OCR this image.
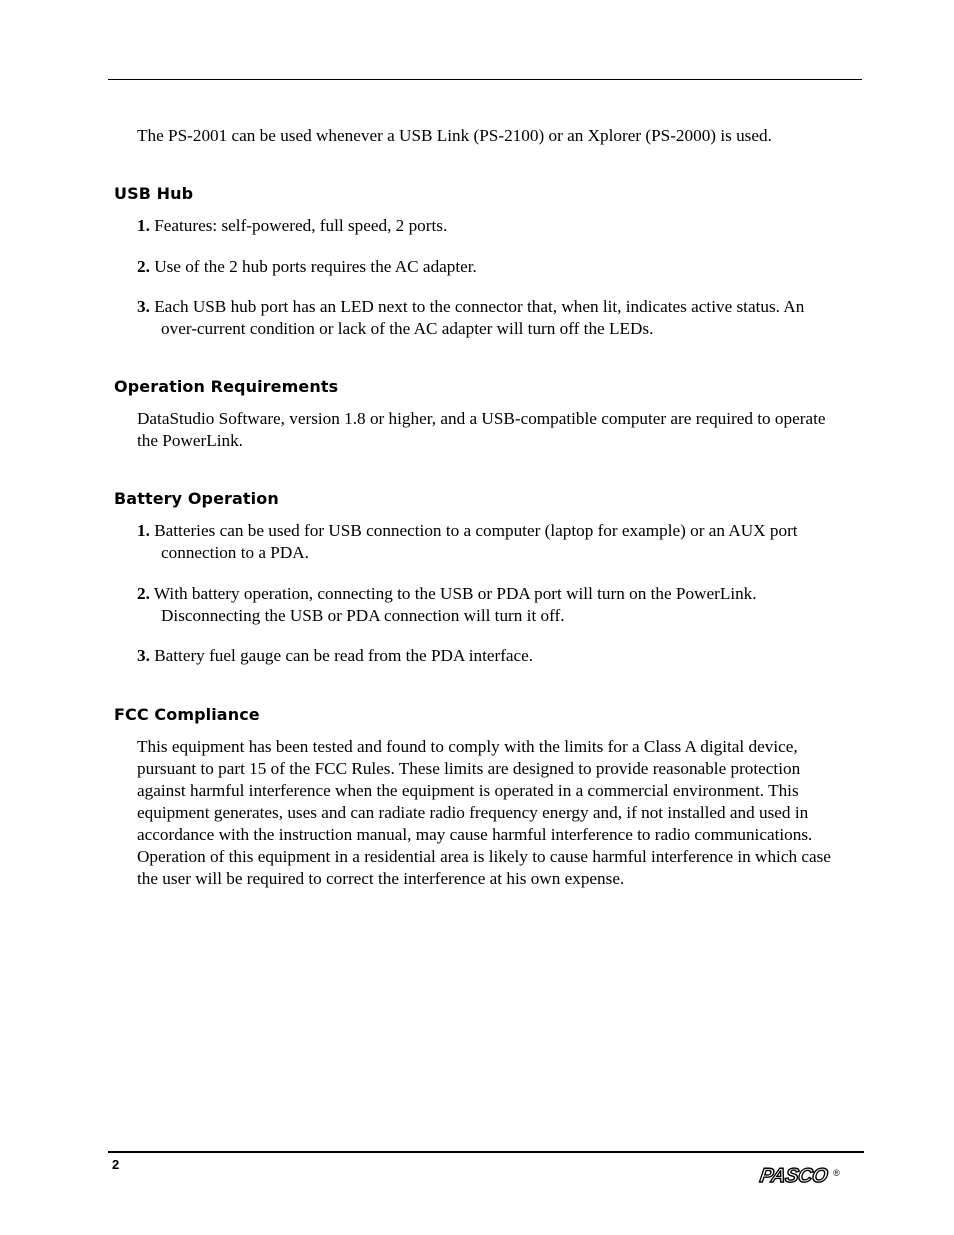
The PS-2001 can be used whenever a USB Link (PS-2100) or an Xplorer (PS-2000) is used.

USB Hub

1. Features: self-powered, full speed, 2 ports.

2. Use of the 2 hub ports requires the AC adapter.

3. Each USB hub port has an LED next to the connector that, when lit, indicates active status. An over-current condition or lack of the AC adapter will turn off the LEDs.

Operation Requirements

DataStudio Software, version 1.8 or higher, and a USB-compatible computer are required to operate the PowerLink.

Battery Operation

1. Batteries can be used for USB connection to a computer (laptop for example) or an AUX port connection to a PDA.

2. With battery operation, connecting to the USB or PDA port will turn on the PowerLink. Disconnecting the USB or PDA connection will turn it off.

3. Battery fuel gauge can be read from the PDA interface.

FCC Compliance

This equipment has been tested and found to comply with the limits for a Class A digital device, pursuant to part 15 of the FCC Rules. These limits are designed to provide reasonable protection against harmful interference when the equipment is operated in a commercial environment. This equipment generates, uses and can radiate radio frequency energy and, if not installed and used in accordance with the instruction manual, may cause harmful interference to radio communications. Operation of this equipment in a residential area is likely to cause harmful interference in which case the user will be required to correct the interference at his own expense.

2
PASCO ®
